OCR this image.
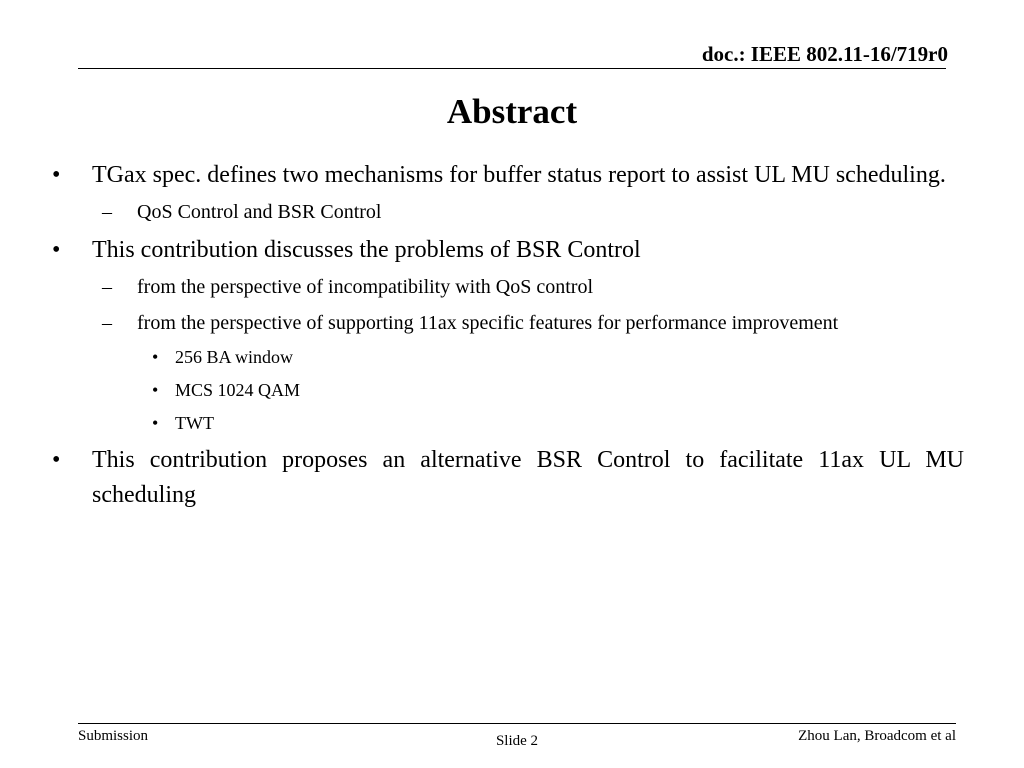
doc.: IEEE 802.11-16/719r0
Abstract
•	TGax spec. defines two mechanisms for buffer status report to assist UL MU scheduling.
– QoS Control and BSR Control
•	This contribution discusses the problems of BSR Control
– from the perspective of incompatibility with QoS control
– from the perspective of supporting 11ax specific features for performance improvement
• 256 BA window
• MCS 1024 QAM
• TWT
•	This contribution proposes an alternative BSR Control to facilitate 11ax UL MU scheduling
Submission	Slide 2	Zhou Lan, Broadcom et al
